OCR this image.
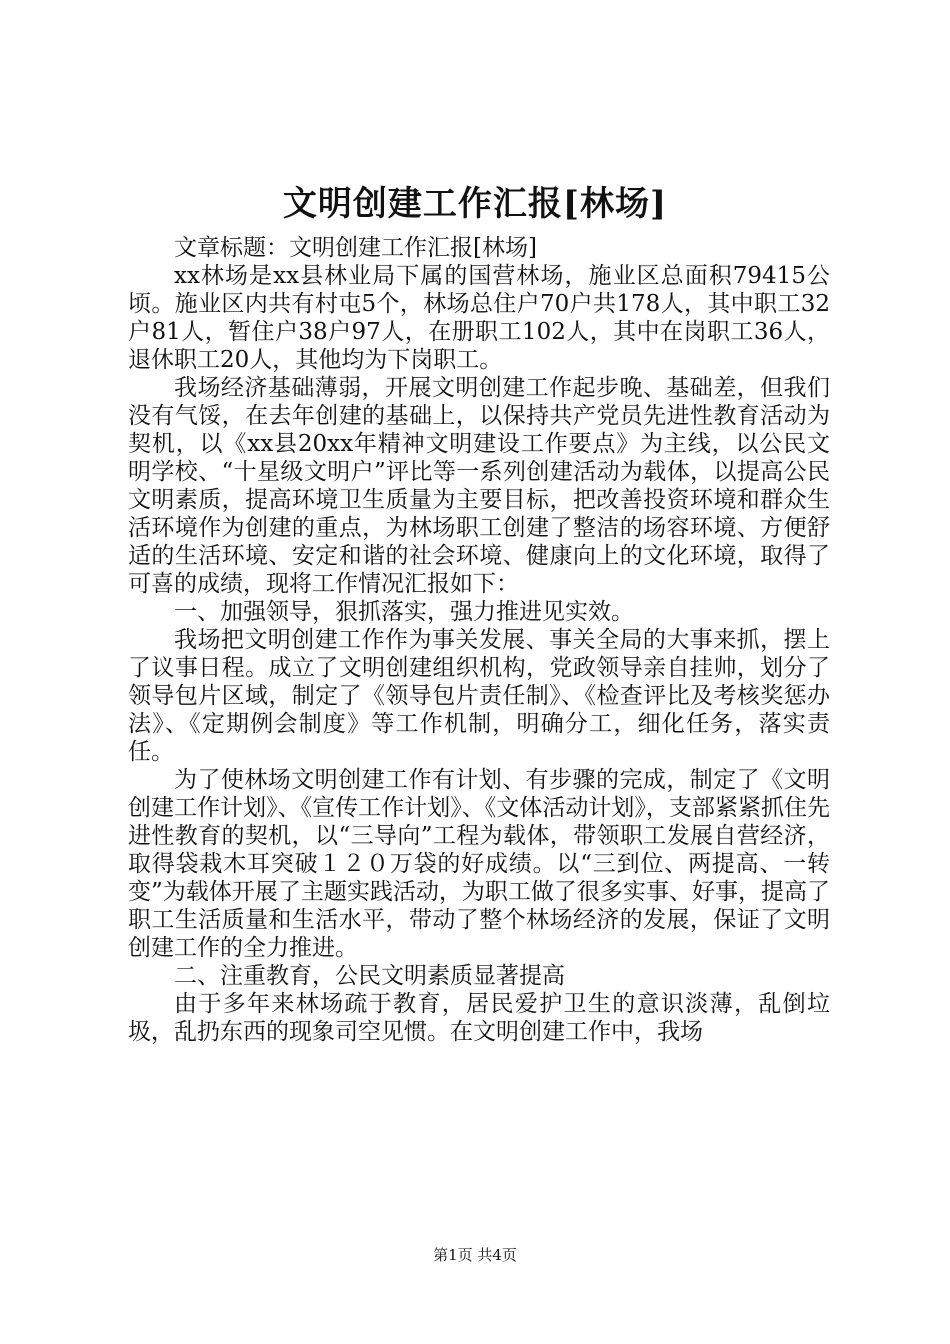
文明创建工作汇报[林场]

文章标题：文明创建工作汇报[林场]

xx林场是xx县林业局下属的国营林场，施业区总面积79415公顷。施业区内共有村屯5个，林场总住户70户共178人，其中职工32户81人，暂住户38户97人，在册职工102人，其中在岗职工36人，退休职工20人，其他均为下岗职工。

我场经济基础薄弱，开展文明创建工作起步晚、基础差，但我们没有气馁，在去年创建的基础上，以保持共产党员先进性教育活动为契机，以《xx县20xx年精神文明建设工作要点》为主线，以公民文明学校、“十星级文明户”评比等一系列创建活动为载体，以提高公民文明素质，提高环境卫生质量为主要目标，把改善投资环境和群众生活环境作为创建的重点，为林场职工创建了整洁的场容环境、方便舒适的生活环境、安定和谐的社会环境、健康向上的文化环境，取得了可喜的成绩，现将工作情况汇报如下：

一、加强领导，狠抓落实，强力推进见实效。

我场把文明创建工作作为事关发展、事关全局的大事来抓，摆上了议事日程。成立了文明创建组织机构，党政领导亲自挂帅，划分了领导包片区域，制定了《领导包片责任制》、《检查评比及考核奖惩办法》、《定期例会制度》等工作机制，明确分工，细化任务，落实责任。

为了使林场文明创建工作有计划、有步骤的完成，制定了《文明创建工作计划》、《宣传工作计划》、《文体活动计划》，支部紧紧抓住先进性教育的契机，以“三导向”工程为载体，带领职工发展自营经济，取得袋栽木耳突破１２０万袋的好成绩。以“三到位、两提高、一转变”为载体开展了主题实践活动，为职工做了很多实事、好事，提高了职工生活质量和生活水平，带动了整个林场经济的发展，保证了文明创建工作的全力推进。

二、注重教育，公民文明素质显著提高

由于多年来林场疏于教育，居民爱护卫生的意识淡薄，乱倒垃圾，乱扔东西的现象司空见惯。在文明创建工作中，我场

第1页 共4页
